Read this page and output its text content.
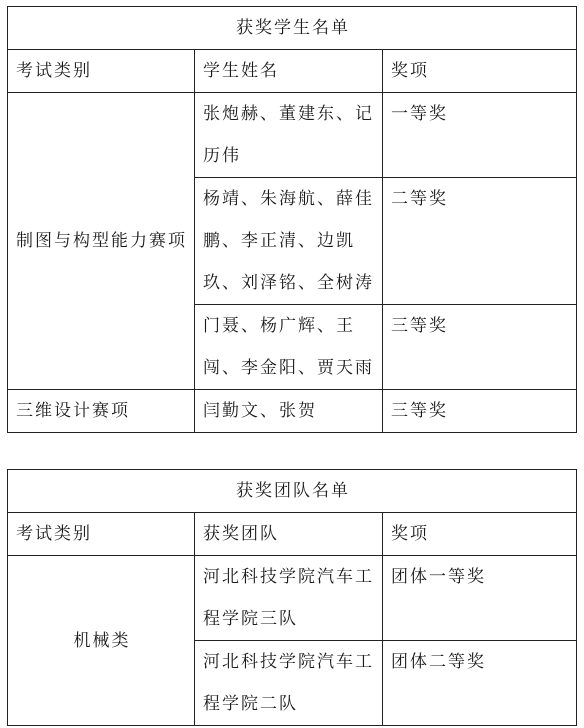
获奖学生名单		
考试类别	学生姓名	奖项
制图与构型能力赛项	张炮赫、董建东、记历伟	一等奖
	杨靖、朱海航、薛佳鹏、李正清、边凯玖、刘泽铭、全树涛	二等奖
	门聂、杨广辉、王闯、李金阳、贾天雨	三等奖
三维设计赛项	闫勤文、张贺	三等奖
获奖团队名单		
考试类别	获奖团队	奖项
机械类	河北科技学院汽车工程学院三队	团体一等奖
	河北科技学院汽车工程学院二队	团体二等奖
